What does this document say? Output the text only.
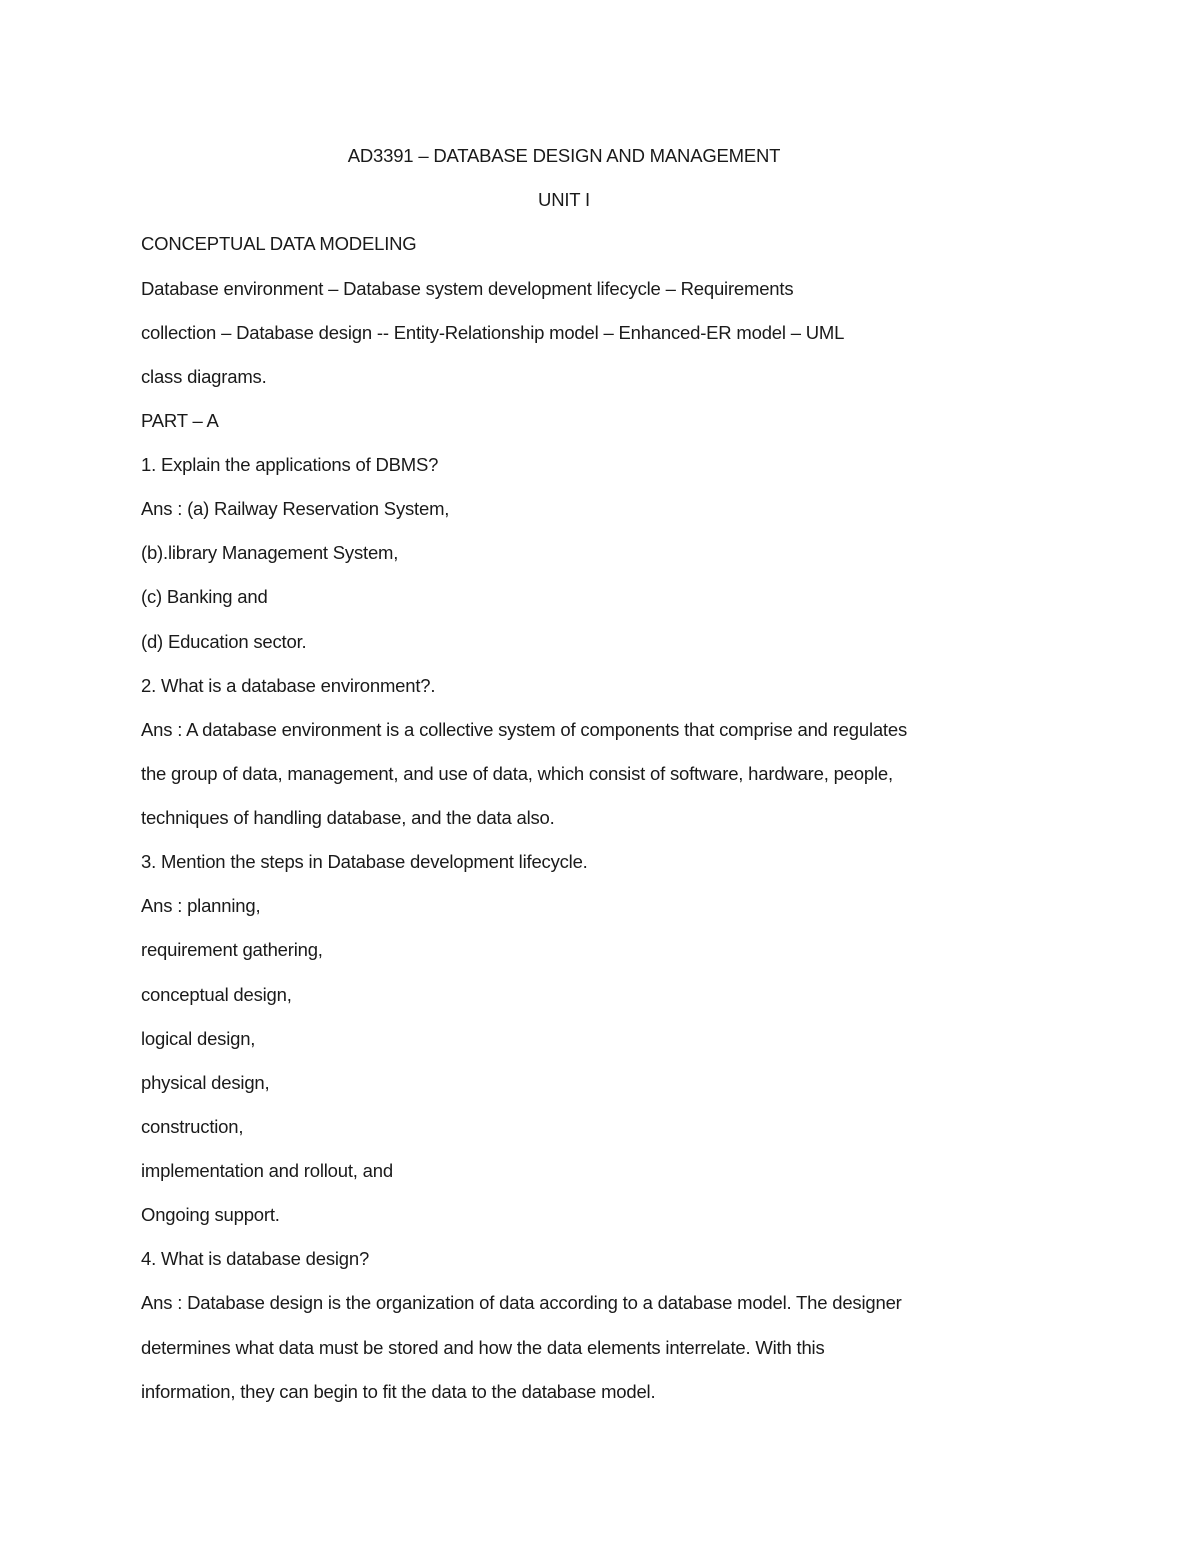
AD3391 – DATABASE DESIGN AND MANAGEMENT
UNIT I
CONCEPTUAL DATA MODELING
Database environment – Database system development lifecycle – Requirements
collection – Database design -- Entity-Relationship model – Enhanced-ER model – UML
class diagrams.
PART – A
1. Explain the applications of DBMS?
Ans : (a) Railway Reservation System,
(b).library Management System,
(c) Banking and
(d) Education sector.
2. What is a database environment?.
Ans : A database environment is a collective system of components that comprise and regulates
the group of data, management, and use of data, which consist of software, hardware, people,
techniques of handling database, and the data also.
3. Mention the steps in Database development lifecycle.
Ans : planning,
requirement gathering,
conceptual design,
logical design,
physical design,
construction,
implementation and rollout, and
Ongoing support.
4. What is database design?
Ans : Database design is the organization of data according to a database model. The designer
determines what data must be stored and how the data elements interrelate. With this
information, they can begin to fit the data to the database model.
